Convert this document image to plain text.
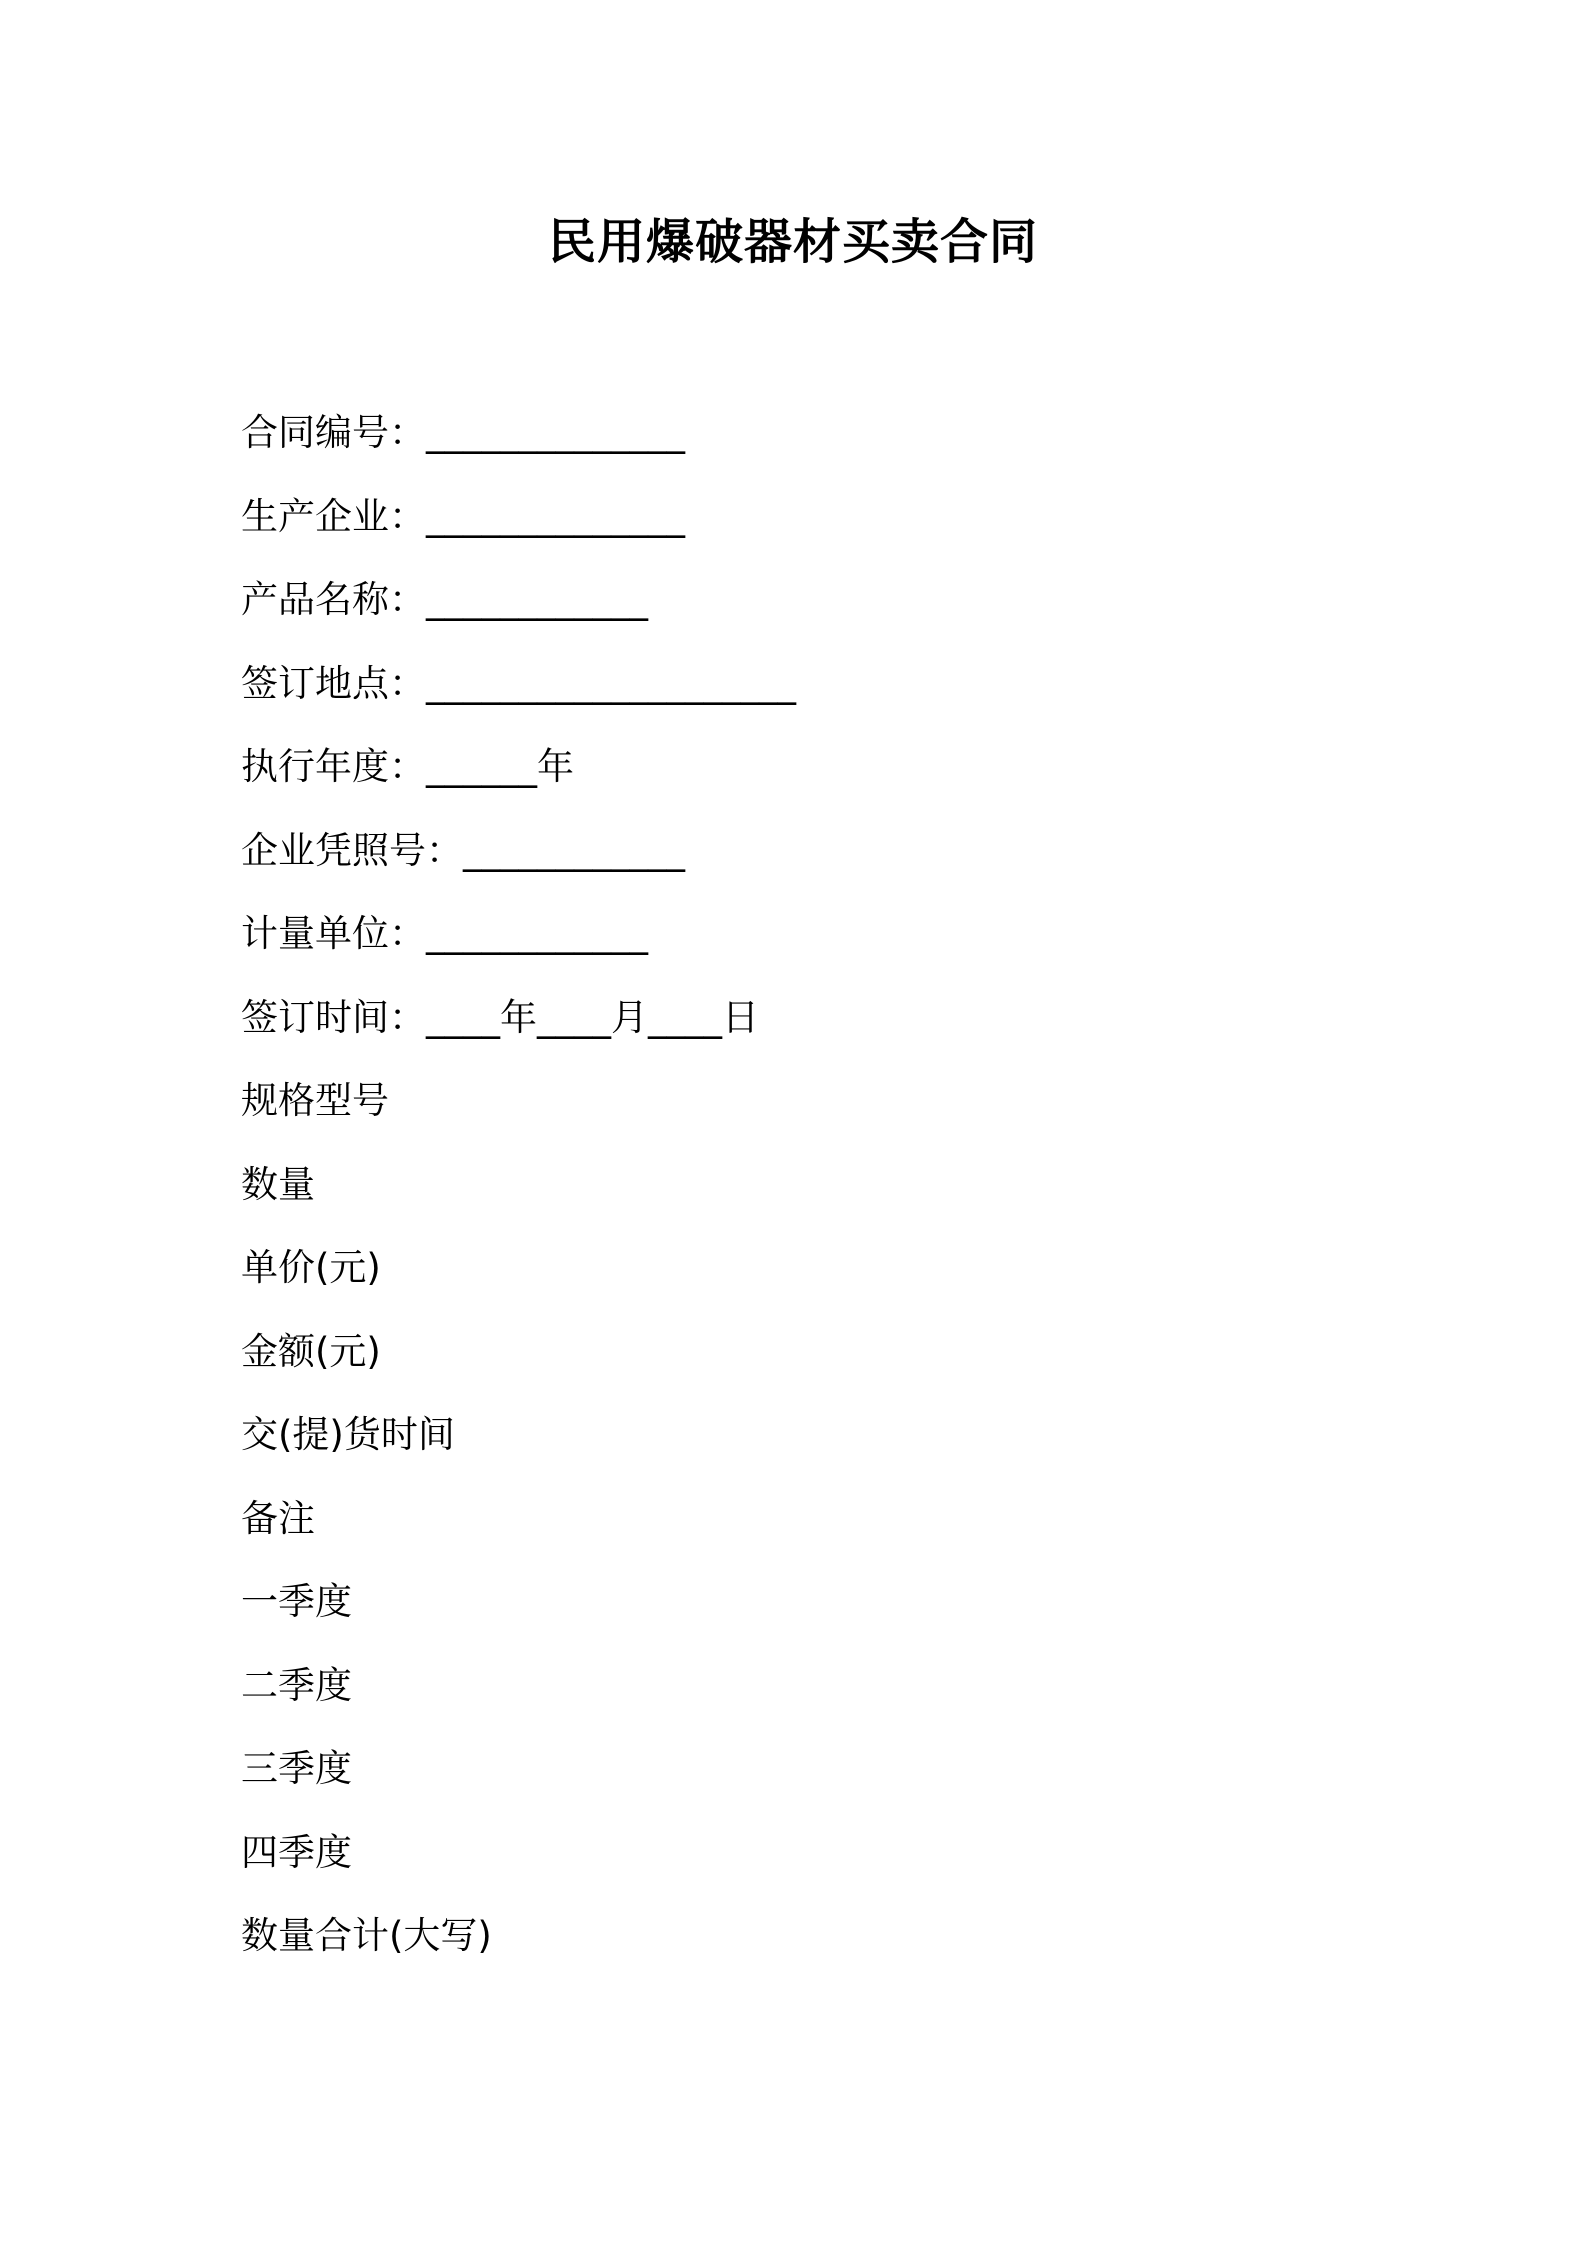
民用爆破器材买卖合同
合同编号：______________
生产企业：______________
产品名称：____________
签订地点：____________________
执行年度：______年
企业凭照号：____________
计量单位：____________
签订时间：____年____月____日
规格型号
数量
单价(元)
金额(元)
交(提)货时间
备注
一季度
二季度
三季度
四季度
数量合计(大写)
